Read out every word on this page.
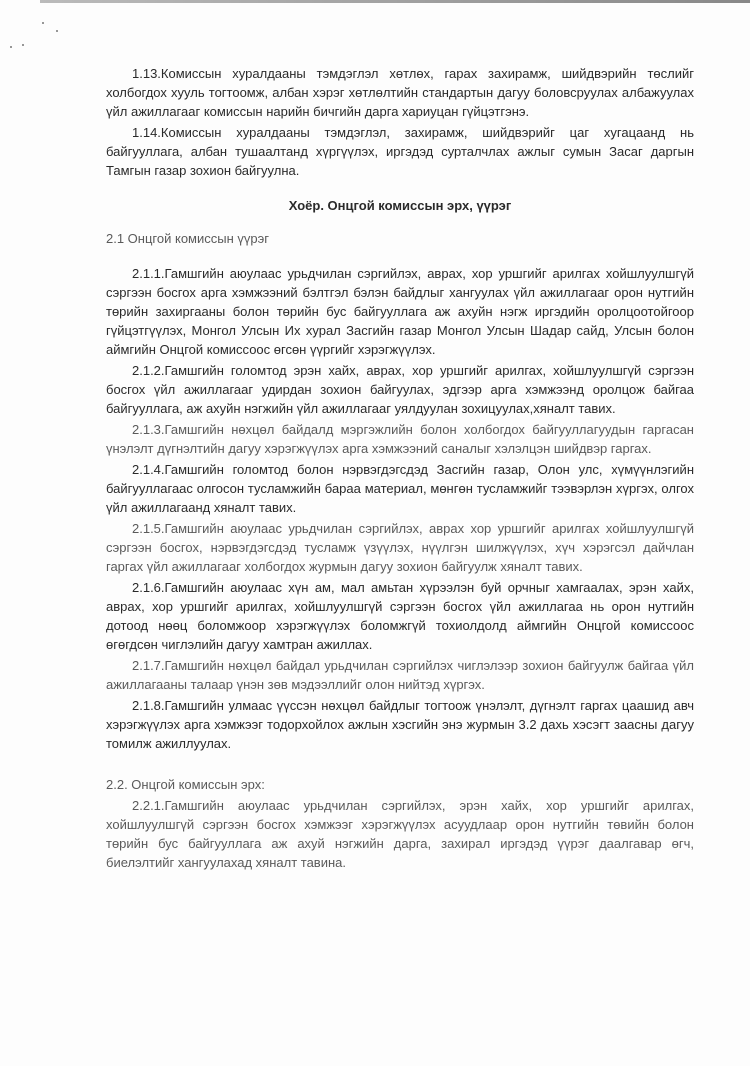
1.13.Комиссын хуралдааны тэмдэглэл хөтлөх, гарах захирамж, шийдвэрийн төслийг холбогдох хууль тогтоомж, албан хэрэг хөтлөлтийн стандартын дагуу боловсруулах албажуулах үйл ажиллагааг комиссын нарийн бичгийн дарга хариуцан гүйцэтгэнэ.

1.14.Комиссын хуралдааны тэмдэглэл, захирамж, шийдвэрийг цаг хугацаанд нь байгууллага, албан тушаалтанд хүргүүлэх, иргэдэд сурталчлах ажлыг сумын Засаг даргын Тамгын газар зохион байгуулна.

Хоёр. Онцгой комиссын эрх, үүрэг
2.1 Онцгой комиссын үүрэг

2.1.1.Гамшгийн аюулаас урьдчилан сэргийлэх, аврах, хор уршгийг арилгах хойшлуулшгүй сэргээн босгох арга хэмжээний бэлтгэл бэлэн байдлыг хангуулах үйл ажиллагааг орон нутгийн төрийн захиргааны болон төрийн бус байгууллага аж ахуйн нэгж иргэдийн оролцоотойгоор гүйцэтгүүлэх, Монгол Улсын Их хурал Засгийн газар Монгол Улсын Шадар сайд, Улсын болон аймгийн Онцгой комиссоос өгсөн үүргийг хэрэгжүүлэх.

2.1.2.Гамшгийн голомтод эрэн хайх, аврах, хор уршгийг арилгах, хойшлуулшгүй сэргээн босгох үйл ажиллагааг удирдан зохион байгуулах, эдгээр арга хэмжээнд оролцож байгаа байгууллага, аж ахуйн нэгжийн үйл ажиллагааг уялдуулан зохицуулах,хяналт тавих.

2.1.3.Гамшгийн нөхцөл байдалд мэргэжлийн болон холбогдох байгууллагуудын гаргасан үнэлэлт дүгнэлтийн дагуу хэрэгжүүлэх арга хэмжээний саналыг хэлэлцэн шийдвэр гаргах.

2.1.4.Гамшгийн голомтод болон нэрвэгдэгсдэд Засгийн газар, Олон улс, хүмүүнлэгийн байгууллагаас олгосон тусламжийн бараа материал, мөнгөн тусламжийг тээвэрлэн хүргэх, олгох үйл ажиллагаанд хяналт тавих.

2.1.5.Гамшгийн аюулаас урьдчилан сэргийлэх, аврах хор уршгийг арилгах хойшлуулшгүй сэргээн босгох, нэрвэгдэгсдэд тусламж үзүүлэх, нүүлгэн шилжүүлэх, хүч хэрэгсэл дайчлан гаргах үйл ажиллагааг холбогдох журмын дагуу зохион байгуулж хяналт тавих.

2.1.6.Гамшгийн аюулаас хүн ам, мал амьтан хүрээлэн буй орчныг хамгаалах, эрэн хайх, аврах, хор уршгийг арилгах, хойшлуулшгүй сэргээн босгох үйл ажиллагаа нь орон нутгийн дотоод нөөц боломжоор хэрэгжүүлэх боломжгүй тохиолдолд аймгийн Онцгой комиссоос өгөгдсөн чиглэлийн дагуу хамтран ажиллах.

2.1.7.Гамшгийн нөхцөл байдал урьдчилан сэргийлэх чиглэлээр зохион байгуулж байгаа үйл ажиллагааны талаар үнэн зөв мэдээллийг олон нийтэд хүргэх.

2.1.8.Гамшгийн улмаас үүссэн нөхцөл байдлыг тогтоож үнэлэлт, дүгнэлт гаргах цаашид авч хэрэгжүүлэх арга хэмжээг тодорхойлох ажлын хэсгийн энэ журмын 3.2 дахь хэсэгт заасны дагуу томилж ажиллуулах.

2.2. Онцгой комиссын эрх:

2.2.1.Гамшгийн аюулаас урьдчилан сэргийлэх, эрэн хайх, хор уршгийг арилгах, хойшлуулшгүй сэргээн босгох хэмжээг хэрэгжүүлэх асуудлаар орон нутгийн төвийн болон төрийн бус байгууллага аж ахуй нэгжийн дарга, захирал иргэдэд үүрэг даалгавар өгч, биелэлтийг хангуулахад хяналт тавина.
